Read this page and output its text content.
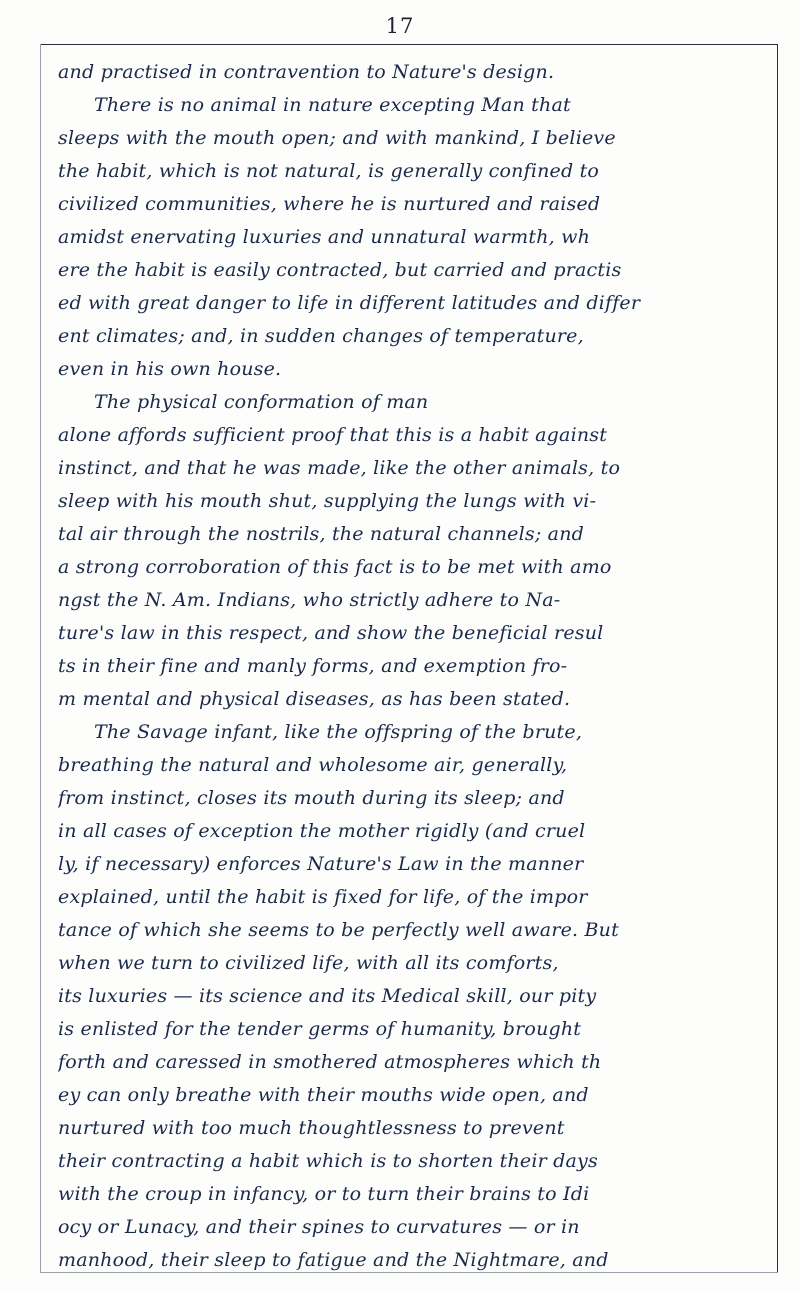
17
and practised in contravention to Nature's design.
There is no animal in nature excepting Man that
sleeps with the mouth open; and with mankind, I believe
the habit, which is not natural, is generally confined to
civilized communities, where he is nurtured and raised
amidst enervating luxuries and unnatural warmth, wh
ere the habit is easily contracted, but carried and practis
ed with great danger to life in different latitudes and differ
ent climates; and, in sudden changes of temperature,
even in his own house.
The physical conformation of man
alone affords sufficient proof that this is a habit against
instinct, and that he was made, like the other animals, to
sleep with his mouth shut, supplying the lungs with vi-
tal air through the nostrils, the natural channels; and
a strong corroboration of this fact is to be met with amo
ngst the N. Am. Indians, who strictly adhere to Na-
ture's law in this respect, and show the beneficial resul
ts in their fine and manly forms, and exemption fro-
m mental and physical diseases, as has been stated.
The Savage infant, like the offspring of the brute,
breathing the natural and wholesome air, generally,
from instinct, closes its mouth during its sleep; and
in all cases of exception the mother rigidly (and cruel
ly, if necessary) enforces Nature's Law in the manner
explained, until the habit is fixed for life, of the impor
tance of which she seems to be perfectly well aware. But
when we turn to civilized life, with all its comforts,
its luxuries — its science and its Medical skill, our pity
is enlisted for the tender germs of humanity, brought
forth and caressed in smothered atmospheres which th
ey can only breathe with their mouths wide open, and
nurtured with too much thoughtlessness to prevent
their contracting a habit which is to shorten their days
with the croup in infancy, or to turn their brains to Idi
ocy or Lunacy, and their spines to curvatures — or in
manhood, their sleep to fatigue and the Nightmare, and
